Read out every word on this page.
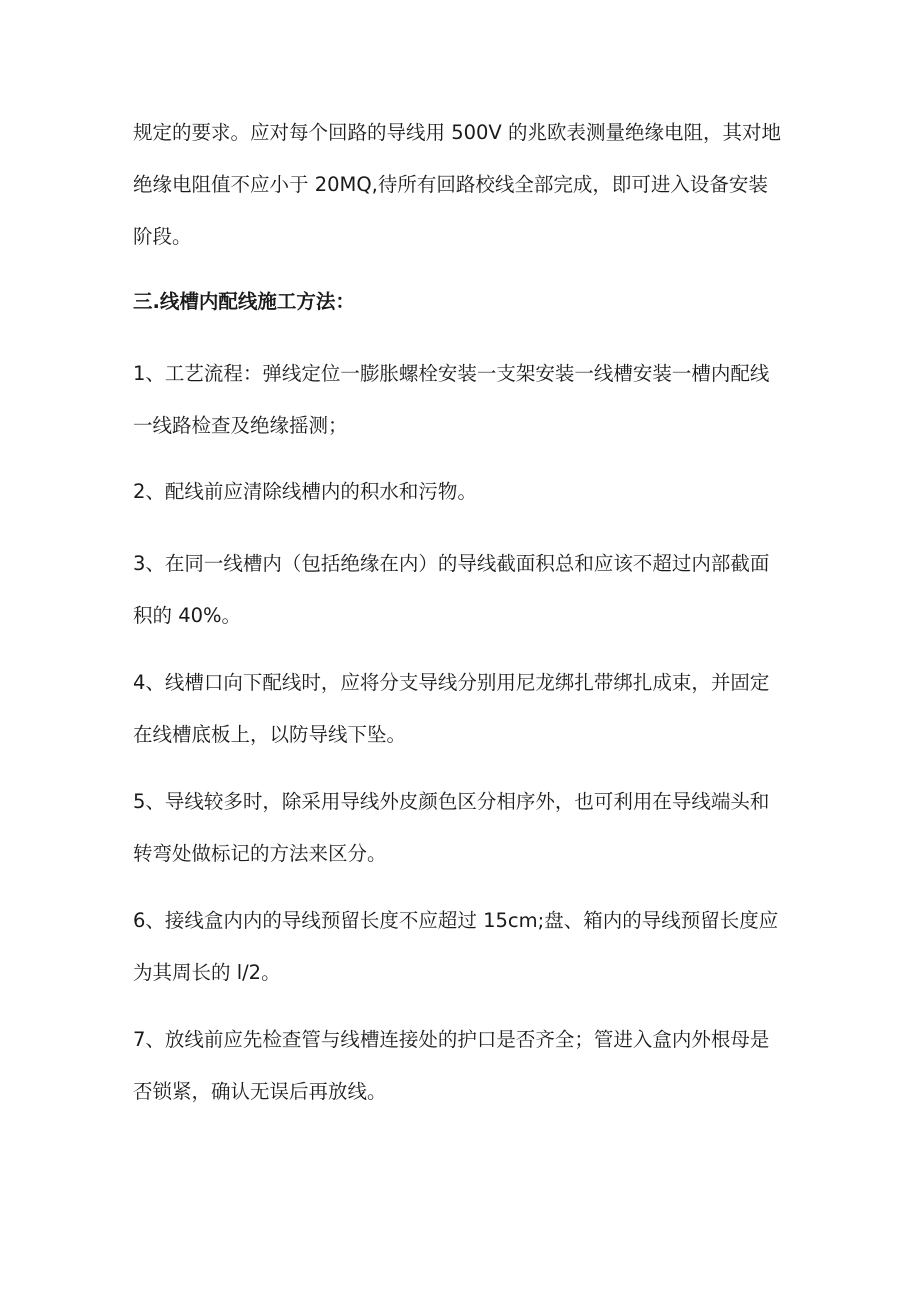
规定的要求。应对每个回路的导线用 500V 的兆欧表测量绝缘电阻，其对地
绝缘电阻值不应小于 20MQ,待所有回路校线全部完成，即可进入设备安装
阶段。
三.线槽内配线施工方法：
1、工艺流程：弹线定位一膨胀螺栓安装一支架安装一线槽安装一槽内配线
一线路检查及绝缘摇测；
2、配线前应清除线槽内的积水和污物。
3、在同一线槽内（包括绝缘在内）的导线截面积总和应该不超过内部截面
积的 40%。
4、线槽口向下配线时，应将分支导线分别用尼龙绑扎带绑扎成束，并固定
在线槽底板上，以防导线下坠。
5、导线较多时，除采用导线外皮颜色区分相序外，也可利用在导线端头和
转弯处做标记的方法来区分。
6、接线盒内内的导线预留长度不应超过 15cm;盘、箱内的导线预留长度应
为其周长的 l/2。
7、放线前应先检查管与线槽连接处的护口是否齐全；管进入盒内外根母是
否锁紧，确认无误后再放线。
